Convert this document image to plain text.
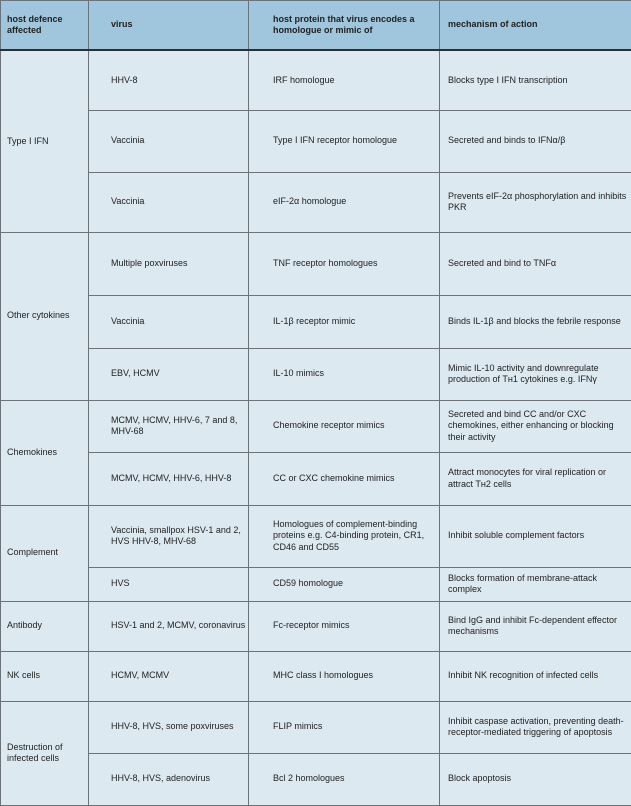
host defence affected	virus	host protein that virus encodes a homologue or mimic of	mechanism of action
Type I IFN	HHV-8	IRF homologue	Blocks type I IFN transcription
	Vaccinia	Type I IFN receptor homologue	Secreted and binds to IFNα/β
	Vaccinia	eIF-2α homologue	Prevents eIF-2α phosphorylation and inhibits PKR
Other cytokines	Multiple poxviruses	TNF receptor homologues	Secreted and bind to TNFα
	Vaccinia	IL-1β receptor mimic	Binds IL-1β and blocks the febrile response
	EBV, HCMV	IL-10 mimics	Mimic IL-10 activity and downregulate production of Tʜ1 cytokines e.g. IFNγ
Chemokines	MCMV, HCMV, HHV-6, 7 and 8, MHV-68	Chemokine receptor mimics	Secreted and bind CC and/or CXC chemokines, either enhancing or blocking their activity
	MCMV, HCMV, HHV-6, HHV-8	CC or CXC chemokine mimics	Attract monocytes for viral replication or attract Tʜ2 cells
Complement	Vaccinia, smallpox HSV-1 and 2, HVS HHV-8, MHV-68	Homologues of complement-binding proteins e.g. C4-binding protein, CR1, CD46 and CD55	Inhibit soluble complement factors
	HVS	CD59 homologue	Blocks formation of membrane-attack complex
Antibody	HSV-1 and 2, MCMV, coronavirus	Fc-receptor mimics	Bind IgG and inhibit Fc-dependent effector mechanisms
NK cells	HCMV, MCMV	MHC class I homologues	Inhibit NK recognition of infected cells
Destruction of infected cells	HHV-8, HVS, some poxviruses	FLIP mimics	Inhibit caspase activation, preventing death-receptor-mediated triggering of apoptosis
	HHV-8, HVS, adenovirus	Bcl 2 homologues	Block apoptosis
